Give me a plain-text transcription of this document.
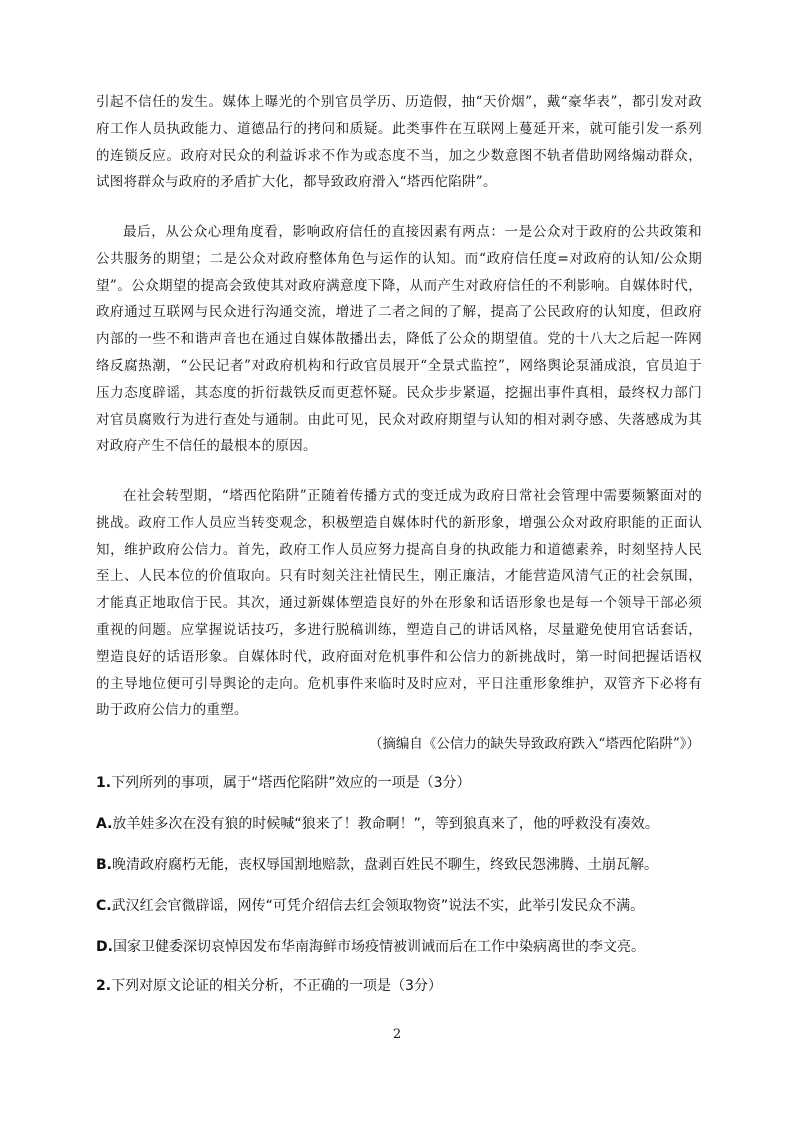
引起不信任的发生。媒体上曝光的个别官员学历、历造假，抽“天价烟”，戴“豪华表”，都引发对政府工作人员执政能力、道德品行的拷问和质疑。此类事件在互联网上蔓延开来，就可能引发一系列的连锁反应。政府对民众的利益诉求不作为或态度不当，加之少数意图不轨者借助网络煽动群众，试图将群众与政府的矛盾扩大化，都导致政府滑入“塔西佗陷阱”。

最后，从公众心理角度看，影响政府信任的直接因素有两点：一是公众对于政府的公共政策和公共服务的期望；二是公众对政府整体角色与运作的认知。而“政府信任度=对政府的认知/公众期望”。公众期望的提高会致使其对政府满意度下降，从而产生对政府信任的不利影响。自媒体时代，政府通过互联网与民众进行沟通交流，增进了二者之间的了解，提高了公民政府的认知度，但政府内部的一些不和谐声音也在通过自媒体散播出去，降低了公众的期望值。党的十八大之后起一阵网络反腐热潮，“公民记者”对政府机构和行政官员展开“全景式监控”，网络舆论泵涌成浪，官员迫于压力态度辟谣，其态度的折衍裁铁反而更惹怀疑。民众步步紧逼，挖掘出事件真相，最终权力部门对官员腐败行为进行查处与通制。由此可见，民众对政府期望与认知的相对剥夺感、失落感成为其对政府产生不信任的最根本的原因。

在社会转型期，“塔西佗陷阱”正随着传播方式的变迁成为政府日常社会管理中需要频繁面对的挑战。政府工作人员应当转变观念，积极塑造自媒体时代的新形象，增强公众对政府职能的正面认知，维护政府公信力。首先，政府工作人员应努力提高自身的执政能力和道德素养，时刻坚持人民至上、人民本位的价值取向。只有时刻关注社情民生，刚正廉洁，才能营造风清气正的社会氛围，才能真正地取信于民。其次，通过新媒体塑造良好的外在形象和话语形象也是每一个领导干部必须重视的问题。应掌握说话技巧，多进行脱稿训练，塑造自己的讲话风格，尽量避免使用官话套话，塑造良好的话语形象。自媒体时代，政府面对危机事件和公信力的新挑战时，第一时间把握话语权的主导地位便可引导舆论的走向。危机事件来临时及时应对，平日注重形象维护，双管齐下必将有助于政府公信力的重塑。

（摘编自《公信力的缺失导致政府跌入“塔西佗陷阱”》）

1.下列所列的事项，属于“塔西佗陷阱”效应的一项是（3分）

A.放羊娃多次在没有狼的时候喊“狼来了！教命啊！”，等到狼真来了，他的呼救没有凑效。

B.晚清政府腐朽无能，丧权辱国割地赔款，盘剥百姓民不聊生，终致民怨沸腾、土崩瓦解。

C.武汉红会官微辟谣，网传“可凭介绍信去红会领取物资”说法不实，此举引发民众不满。

D.国家卫健委深切哀悼因发布华南海鲜市场疫情被训诫而后在工作中染病离世的李文亮。

2.下列对原文论证的相关分析，不正确的一项是（3分）

2
